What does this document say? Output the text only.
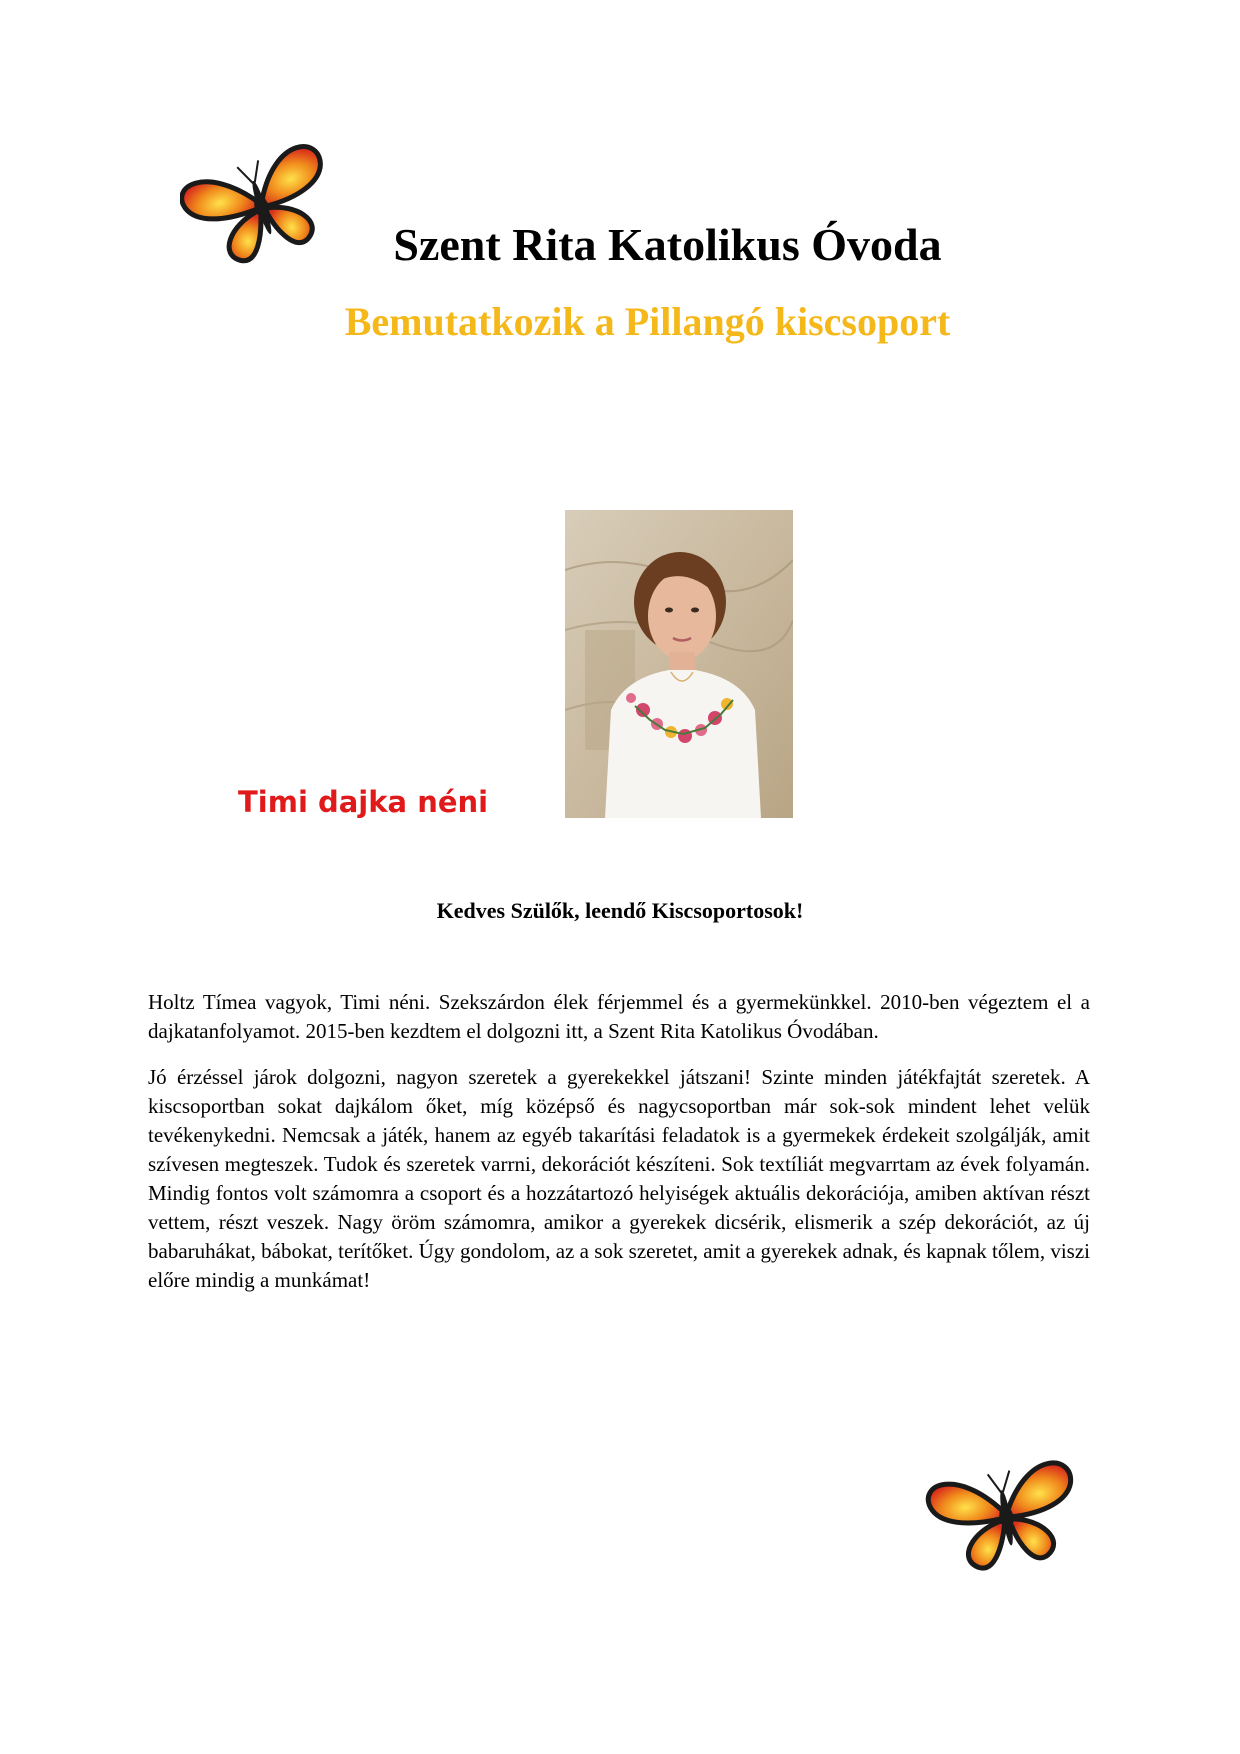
Szent Rita Katolikus Óvoda
Bemutatkozik a Pillangó kiscsoport
Timi dajka néni
Kedves Szülők, leendő Kiscsoportosok!

Holtz Tímea vagyok, Timi néni. Szekszárdon élek férjemmel és a gyermekünkkel. 2010-ben végeztem el a dajkatanfolyamot. 2015-ben kezdtem el dolgozni itt, a Szent Rita Katolikus Óvodában.

Jó érzéssel járok dolgozni, nagyon szeretek a gyerekekkel játszani! Szinte minden játékfajtát szeretek. A kiscsoportban sokat dajkálom őket, míg középső és nagycsoportban már sok-sok mindent lehet velük tevékenykedni. Nemcsak a játék, hanem az egyéb takarítási feladatok is a gyermekek érdekeit szolgálják, amit szívesen megteszek. Tudok és szeretek varrni, dekorációt készíteni. Sok textíliát megvarrtam az évek folyamán. Mindig fontos volt számomra a csoport és a hozzátartozó helyiségek aktuális dekorációja, amiben aktívan részt vettem, részt veszek. Nagy öröm számomra, amikor a gyerekek dicsérik, elismerik a szép dekorációt, az új babaruhákat, bábokat, terítőket. Úgy gondolom, az a sok szeretet, amit a gyerekek adnak, és kapnak tőlem, viszi előre mindig a munkámat!
